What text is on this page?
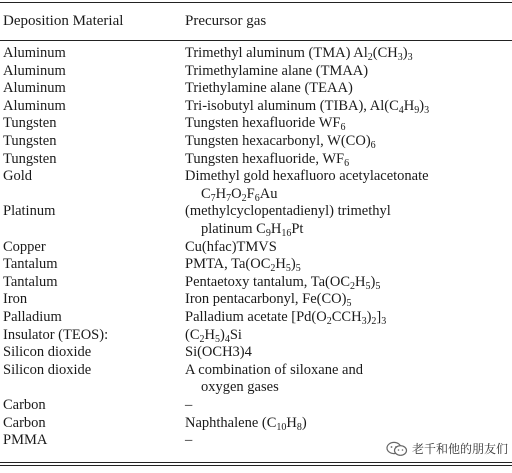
Deposition Material	Precursor gas
Aluminum	Trimethyl aluminum (TMA) $Al_2(CH_3)_3$
Aluminum	Trimethylamine alane (TMAA)
Aluminum	Triethylamine alane (TEAA)
Aluminum	Tri-isobutyl aluminum (TIBA), $Al(C_4H_9)_3$
Tungsten	Tungsten hexafluoride $WF_6$
Tungsten	Tungsten hexacarbonyl, $W(CO)_6$
Tungsten	Tungsten hexafluoride, $WF_6$
Gold	Dimethyl gold hexafluoro acetylacetonate
$C_7H_7O_2F_6Au$
Platinum	(methylcyclopentadienyl) trimethyl
platinum $C_9H_{16}Pt$
Copper	Cu(hfac)TMVS
Tantalum	PMTA, $Ta(OC_2H_5)_5$
Tantalum	Pentaetoxy tantalum, $Ta(OC_2H_5)_5$
Iron	Iron pentacarbonyl, $Fe(CO)_5$
Palladium	Palladium acetate $[Pd(O_2CCH_3)_2]_3$
Insulator (TEOS):	$(C_2H_5)_4Si$
Silicon dioxide	Si(OCH3)4
Silicon dioxide	A combination of siloxane and
oxygen gases
Carbon	–
Carbon	Naphthalene $(C_{10}H_8)$
PMMA	–
老千和他的朋友们
